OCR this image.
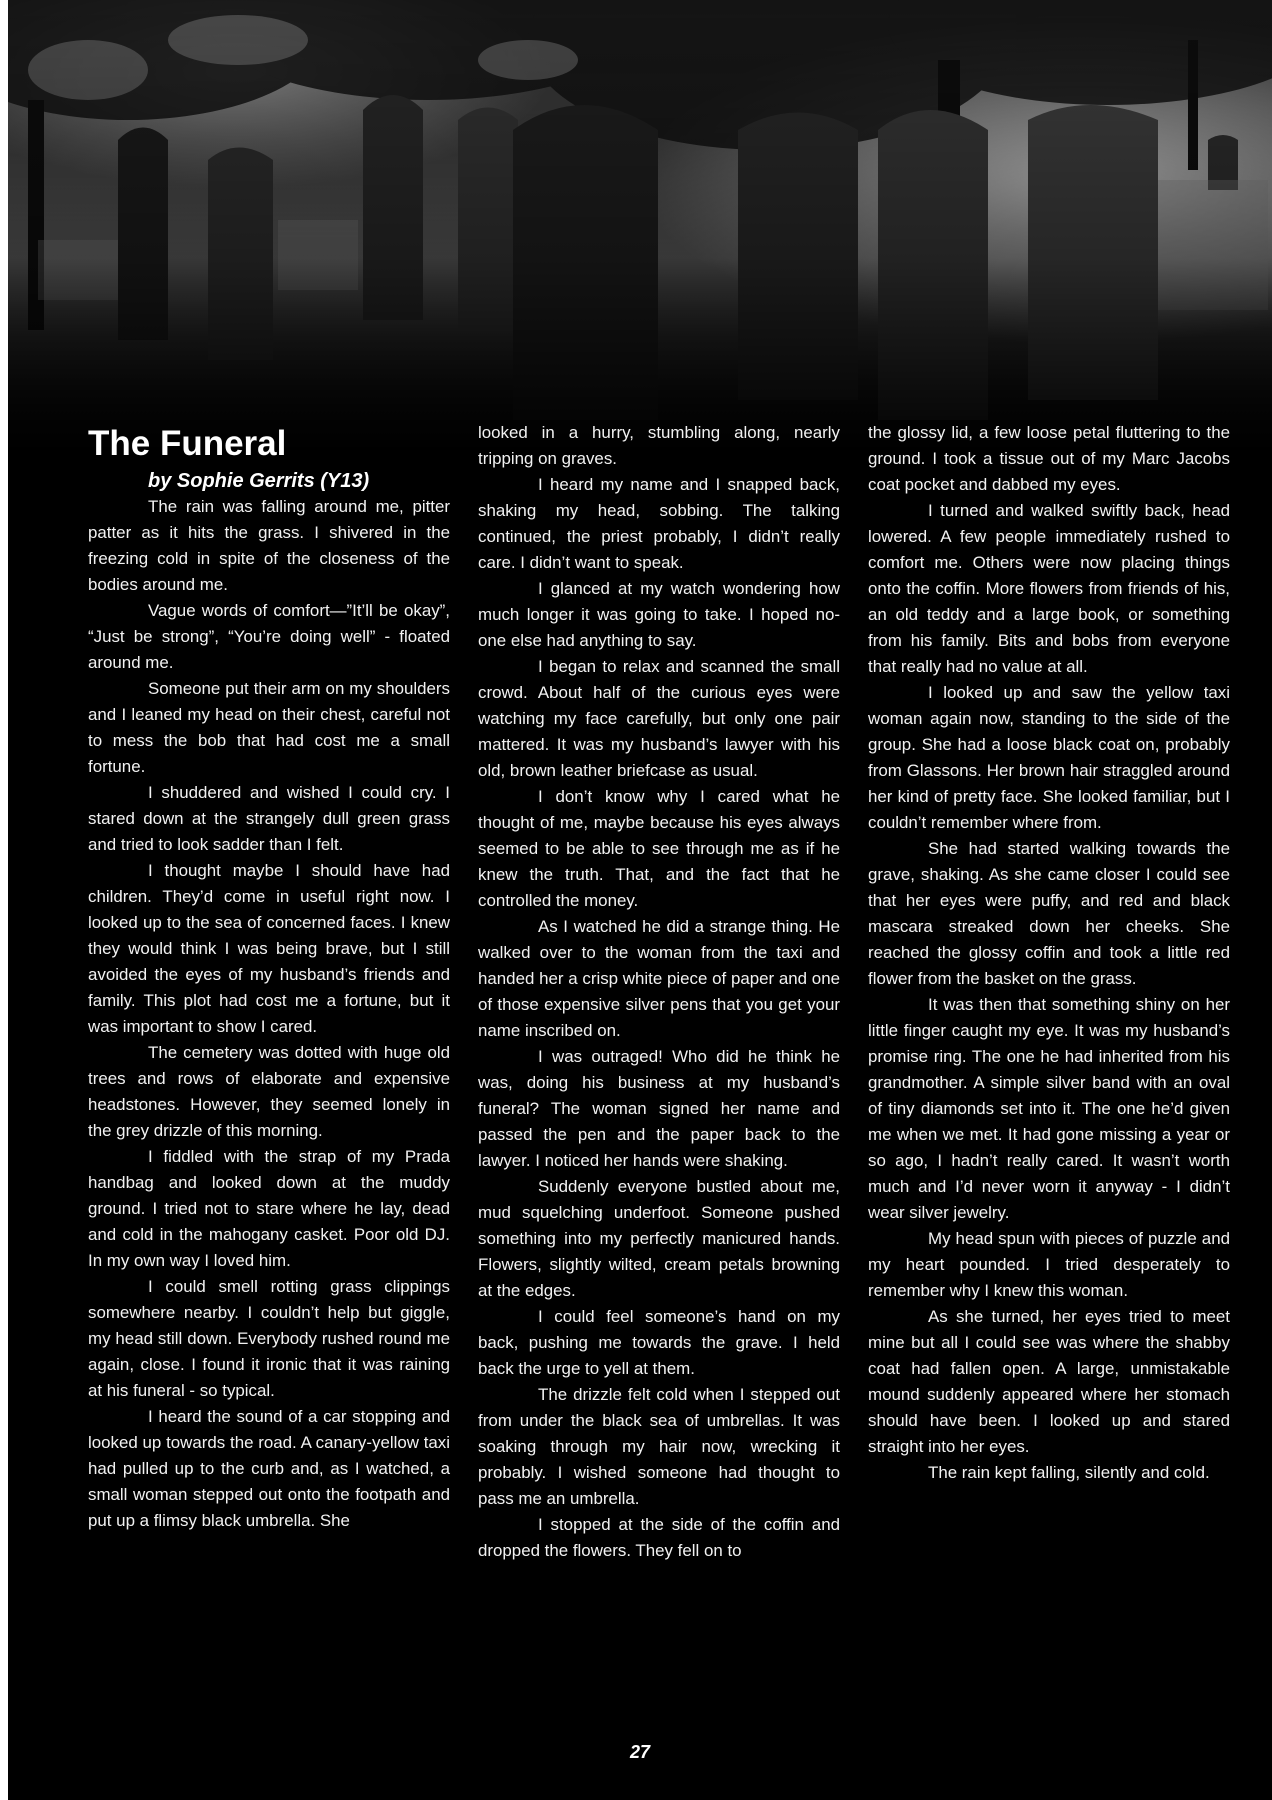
The Funeral

by Sophie Gerrits (Y13)

The rain was falling around me, pitter patter as it hits the grass. I shivered in the freezing cold in spite of the closeness of the bodies around me.

Vague words of comfort—”It’ll be okay”, “Just be strong”, “You’re doing well” - floated around me.

Someone put their arm on my shoulders and I leaned my head on their chest, careful not to mess the bob that had cost me a small fortune.

I shuddered and wished I could cry. I stared down at the strangely dull green grass and tried to look sadder than I felt.

I thought maybe I should have had children. They’d come in useful right now. I looked up to the sea of concerned faces. I knew they would think I was being brave, but I still avoided the eyes of my husband’s friends and family. This plot had cost me a fortune, but it was important to show I cared.

The cemetery was dotted with huge old trees and rows of elaborate and expensive headstones. However, they seemed lonely in the grey drizzle of this morning.

I fiddled with the strap of my Prada handbag and looked down at the muddy ground. I tried not to stare where he lay, dead and cold in the mahogany casket. Poor old DJ. In my own way I loved him.

I could smell rotting grass clippings somewhere nearby. I couldn’t help but giggle, my head still down. Everybody rushed round me again, close. I found it ironic that it was raining at his funeral - so typical.

I heard the sound of a car stopping and looked up towards the road. A canary-yellow taxi had pulled up to the curb and, as I watched, a small woman stepped out onto the footpath and put up a flimsy black umbrella. She

looked in a hurry, stumbling along, nearly tripping on graves.

I heard my name and I snapped back, shaking my head, sobbing. The talking continued, the priest probably, I didn’t really care. I didn’t want to speak.

I glanced at my watch wondering how much longer it was going to take. I hoped no-one else had anything to say.

I began to relax and scanned the small crowd. About half of the curious eyes were watching my face carefully, but only one pair mattered. It was my husband’s lawyer with his old, brown leather briefcase as usual.

I don’t know why I cared what he thought of me, maybe because his eyes always seemed to be able to see through me as if he knew the truth. That, and the fact that he controlled the money.

As I watched he did a strange thing. He walked over to the woman from the taxi and handed her a crisp white piece of paper and one of those expensive silver pens that you get your name inscribed on.

I was outraged! Who did he think he was, doing his business at my husband’s funeral? The woman signed her name and passed the pen and the paper back to the lawyer. I noticed her hands were shaking.

Suddenly everyone bustled about me, mud squelching underfoot. Someone pushed something into my perfectly manicured hands. Flowers, slightly wilted, cream petals browning at the edges.

I could feel someone’s hand on my back, pushing me towards the grave. I held back the urge to yell at them.

The drizzle felt cold when I stepped out from under the black sea of umbrellas. It was soaking through my hair now, wrecking it probably. I wished someone had thought to pass me an umbrella.

I stopped at the side of the coffin and dropped the flowers. They fell on to

the glossy lid, a few loose petal fluttering to the ground. I took a tissue out of my Marc Jacobs coat pocket and dabbed my eyes.

I turned and walked swiftly back, head lowered. A few people immediately rushed to comfort me. Others were now placing things onto the coffin. More flowers from friends of his, an old teddy and a large book, or something from his family. Bits and bobs from everyone that really had no value at all.

I looked up and saw the yellow taxi woman again now, standing to the side of the group. She had a loose black coat on, probably from Glassons. Her brown hair straggled around her kind of pretty face. She looked familiar, but I couldn’t remember where from.

She had started walking towards the grave, shaking. As she came closer I could see that her eyes were puffy, and red and black mascara streaked down her cheeks. She reached the glossy coffin and took a little red flower from the basket on the grass.

It was then that something shiny on her little finger caught my eye. It was my husband’s promise ring. The one he had inherited from his grandmother. A simple silver band with an oval of tiny diamonds set into it. The one he’d given me when we met. It had gone missing a year or so ago, I hadn’t really cared. It wasn’t worth much and I’d never worn it anyway - I didn’t wear silver jewelry.

My head spun with pieces of puzzle and my heart pounded. I tried desperately to remember why I knew this woman.

As she turned, her eyes tried to meet mine but all I could see was where the shabby coat had fallen open. A large, unmistakable mound suddenly appeared where her stomach should have been. I looked up and stared straight into her eyes.

The rain kept falling, silently and cold.

27
